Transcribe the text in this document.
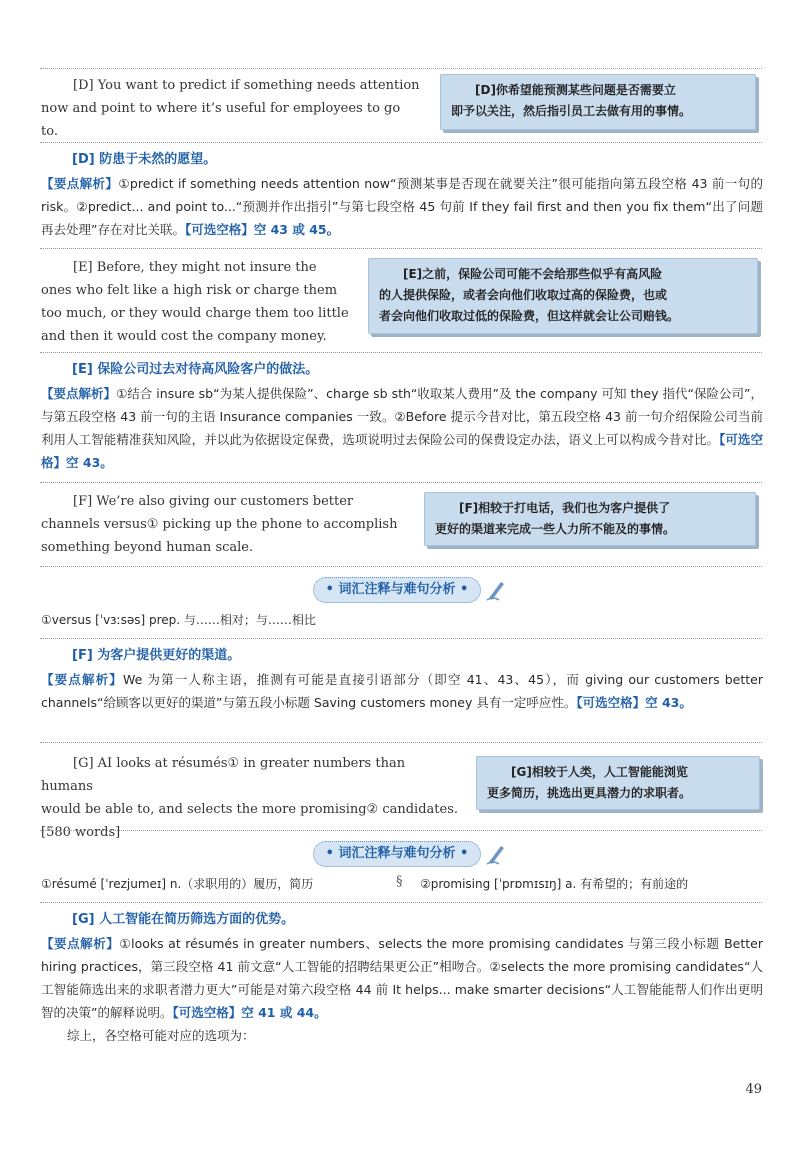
[D] You want to predict if something needs attention
now and point to where it’s useful for employees to go to.
[D]你希望能预测某些问题是否需要立
即予以关注，然后指引员工去做有用的事情。
[D] 防患于未然的愿望。
【要点解析】①predict if something needs attention now“预测某事是否现在就要关注”很可能指向第五段空格 43 前一句的 risk。②predict... and point to...“预测并作出指引”与第七段空格 45 句前 If they fail first and then you fix them“出了问题再去处理”存在对比关联。【可选空格】空 43 或 45。
[E] Before, they might not insure the
ones who felt like a high risk or charge them
too much, or they would charge them too little
and then it would cost the company money.
[E]之前，保险公司可能不会给那些似乎有高风险
的人提供保险，或者会向他们收取过高的保险费，也或
者会向他们收取过低的保险费，但这样就会让公司赔钱。
[E] 保险公司过去对待高风险客户的做法。
【要点解析】①结合 insure sb“为某人提供保险”、charge sb sth“收取某人费用”及 the company 可知 they 指代“保险公司”，与第五段空格 43 前一句的主语 Insurance companies 一致。②Before 提示今昔对比，第五段空格 43 前一句介绍保险公司当前利用人工智能精准获知风险，并以此为依据设定保费，选项说明过去保险公司的保费设定办法，语义上可以构成今昔对比。【可选空格】空 43。
[F] We’re also giving our customers better
channels versus① picking up the phone to accomplish
something beyond human scale.
[F]相较于打电话，我们也为客户提供了
更好的渠道来完成一些人力所不能及的事情。
• 词汇注释与难句分析 •
①versus [ˈvɜːsəs] prep. 与……相对；与……相比
[F] 为客户提供更好的渠道。
【要点解析】We 为第一人称主语，推测有可能是直接引语部分（即空 41、43、45），而 giving our customers better channels“给顾客以更好的渠道”与第五段小标题 Saving customers money 具有一定呼应性。【可选空格】空 43。
[G] AI looks at résumés① in greater numbers than humans
would be able to, and selects the more promising② candidates.
[580 words]
[G]相较于人类，人工智能能浏览
更多简历，挑选出更具潜力的求职者。
• 词汇注释与难句分析 •
①résumé [ˈrezjumeɪ] n.（求职用的）履历，简历	§ ②promising [ˈprɒmɪsɪŋ] a. 有希望的；有前途的
[G] 人工智能在简历筛选方面的优势。
【要点解析】①looks at résumés in greater numbers、selects the more promising candidates 与第三段小标题 Better hiring practices，第三段空格 41 前文意“人工智能的招聘结果更公正”相吻合。②selects the more promising candidates“人工智能筛选出来的求职者潜力更大”可能是对第六段空格 44 前 It helps... make smarter decisions“人工智能能帮人们作出更明智的决策”的解释说明。【可选空格】空 41 或 44。
综上，各空格可能对应的选项为：
49
